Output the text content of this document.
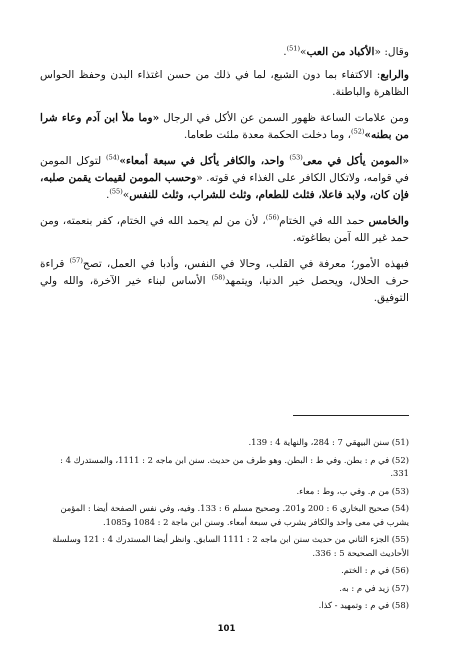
وقال: «الأكباد من العب»$^{(51)}$.

والرابع: الاكتفاء بما دون الشبع، لما في ذلك من حسن اغتذاء البدن وحفظ الحواس الظاهرة والباطنة.

ومن علامات الساعة ظهور السمن عن الأكل في الرجال «وما ملأ ابن آدم وعاء شرا من بطنه»$^{(52)}$، وما دخلت الحكمة معدة ملئت طعاما.

«المومن يأكل في معى$^{(53)}$ واحد، والكافر يأكل في سبعة أمعاء»$^{(54)}$ لتوكل المومن في قوامه، ولاتكال الكافر على الغذاء في قوته. «وحسب المومن لقيمات يقمن صلبه، فإن كان، ولابد فاعلا، فثلث للطعام، وثلث للشراب، وثلث للنفس»$^{(55)}$.

والخامس حمد الله في الختام$^{(56)}$، لأن من لم يحمد الله في الختام، كفر بنعمته، ومن حمد غير الله آمن بطاغوته.

فبهذه الأمور؛ معرفة في القلب، وحالا في النفس، وأدبا في العمل، تصح$^{(57)}$ قراءة حرف الحلال، ويحصل خير الدنيا، ويتمهد$^{(58)}$ الأساس لبناء خير الآخرة، والله ولي التوفيق.

(51) سنن البيهقي 7 : 284، والنهاية 4 : 139.
(52) في م : بطن. وفي ط : البطن. وهو طرف من حديث. سنن ابن ماجه 2 : 1111، والمستدرك 4 : 331.
(53) من م. وفي ب، وط : معاء.
(54) صحيح البخاري 6 : 200 و201. وصحيح مسلم 6 : 133. وفيه، وفي نفس الصفحة أيضا : المؤمن يشرب في معى واحد والكافر يشرب في سبعة أمعاء. وسنن ابن ماجة 2 : 1084 و1085.
(55) الجزء الثاني من حديث سنن ابن ماجه 2 : 1111 السابق. وانظر أيضا المستدرك 4 : 121 وسلسلة الأحاديث الصحيحة 5 : 336.
(56) في م : الختم.
(57) زيد في م : به.
(58) في م : وتمهيد - كذا.
101
